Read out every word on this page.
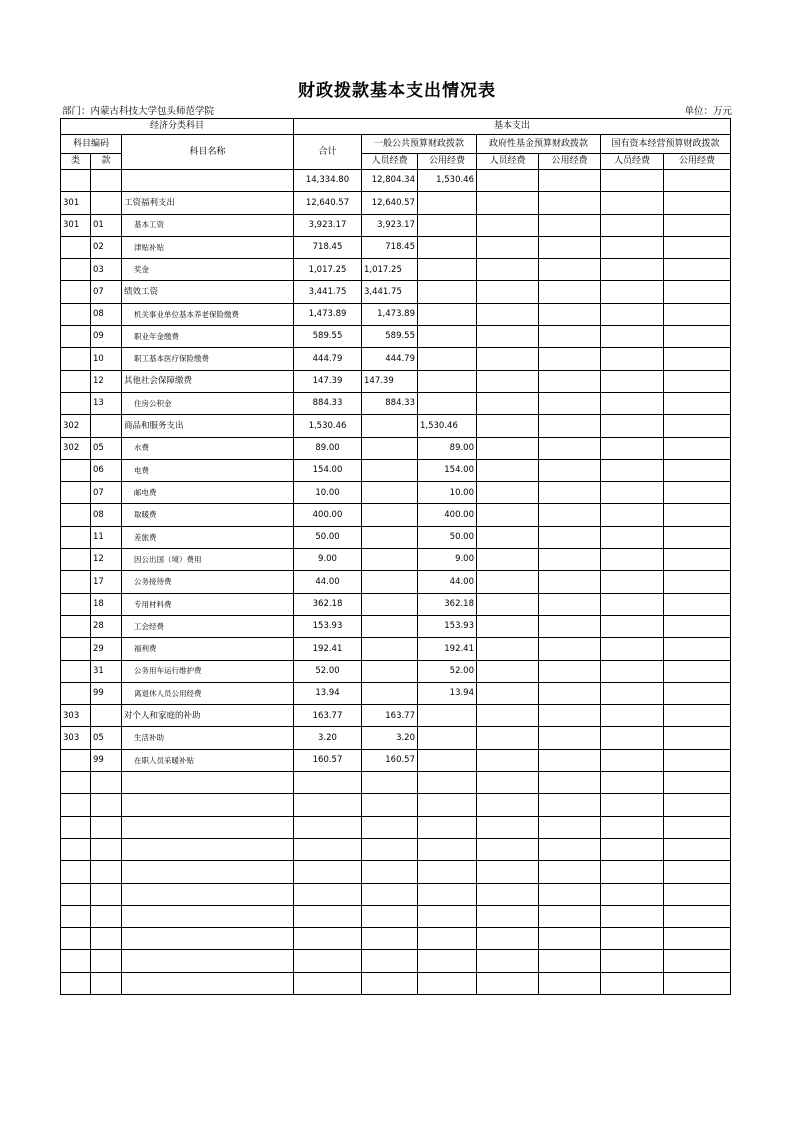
财政拨款基本支出情况表
部门：内蒙古科技大学包头师范学院	单位：万元
经济分类科目			基本支出						
科目编码		科目名称	合计	一般公共预算财政拨款		政府性基金预算财政拨款		国有资本经营预算财政拨款	
类	款			人员经费	公用经费	人员经费	公用经费	人员经费	公用经费
			14,334.80	12,804.34	1,530.46				
301		工资福利支出	12,640.57	12,640.57					
301	01	基本工资	3,923.17	3,923.17					
	02	津贴补贴	718.45	718.45					
	03	奖金	1,017.25	1,017.25					
	07	绩效工资	3,441.75	3,441.75					
	08	机关事业单位基本养老保险缴费	1,473.89	1,473.89					
	09	职业年金缴费	589.55	589.55					
	10	职工基本医疗保险缴费	444.79	444.79					
	12	其他社会保障缴费	147.39	147.39					
	13	住房公积金	884.33	884.33					
302		商品和服务支出	1,530.46		1,530.46				
302	05	水费	89.00		89.00				
	06	电费	154.00		154.00				
	07	邮电费	10.00		10.00				
	08	取暖费	400.00		400.00				
	11	差旅费	50.00		50.00				
	12	因公出国（境）费用	9.00		9.00				
	17	公务接待费	44.00		44.00				
	18	专用材料费	362.18		362.18				
	28	工会经费	153.93		153.93				
	29	福利费	192.41		192.41				
	31	公务用车运行维护费	52.00		52.00				
	99	离退休人员公用经费	13.94		13.94				
303		对个人和家庭的补助	163.77	163.77					
303	05	生活补助	3.20	3.20					
	99	在职人员采暖补贴	160.57	160.57					
